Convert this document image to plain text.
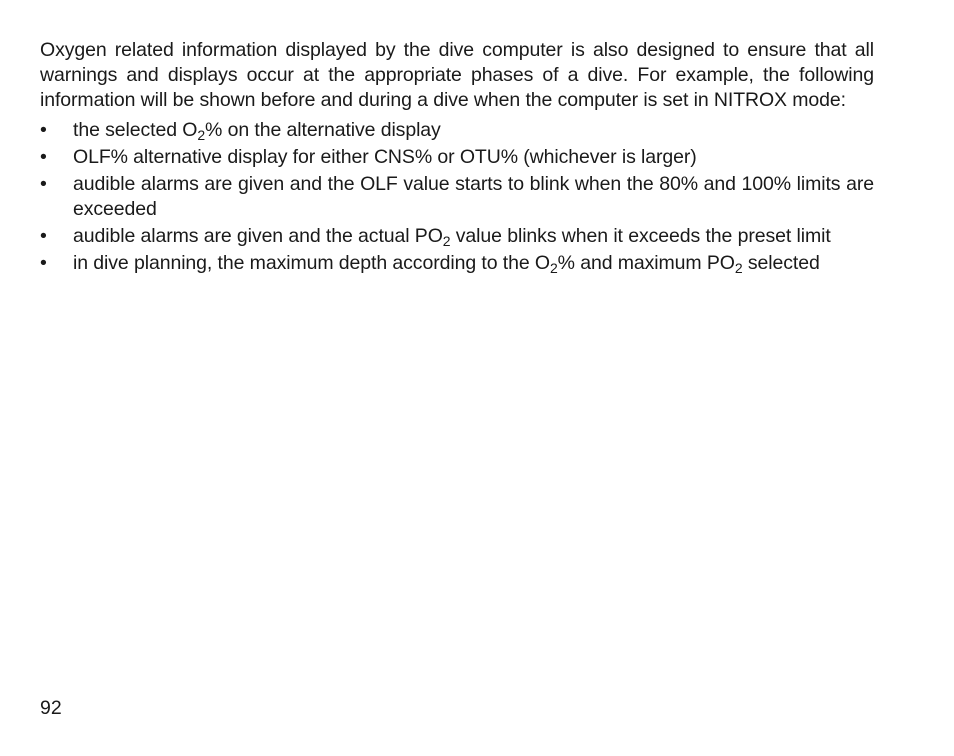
Oxygen related information displayed by the dive computer is also designed to ensure that all warnings and displays occur at the appropriate phases of a dive. For example, the following information will be shown before and during a dive when the computer is set in NITROX mode:

• the selected $O_2\%$ on the alternative display
• OLF% alternative display for either CNS% or OTU% (whichever is larger)
• audible alarms are given and the OLF value starts to blink when the 80% and 100% limits are exceeded
• audible alarms are given and the actual $PO_2$ value blinks when it exceeds the preset limit
• in dive planning, the maximum depth according to the $O_2\%$ and maximum $PO_2$ selected
92
